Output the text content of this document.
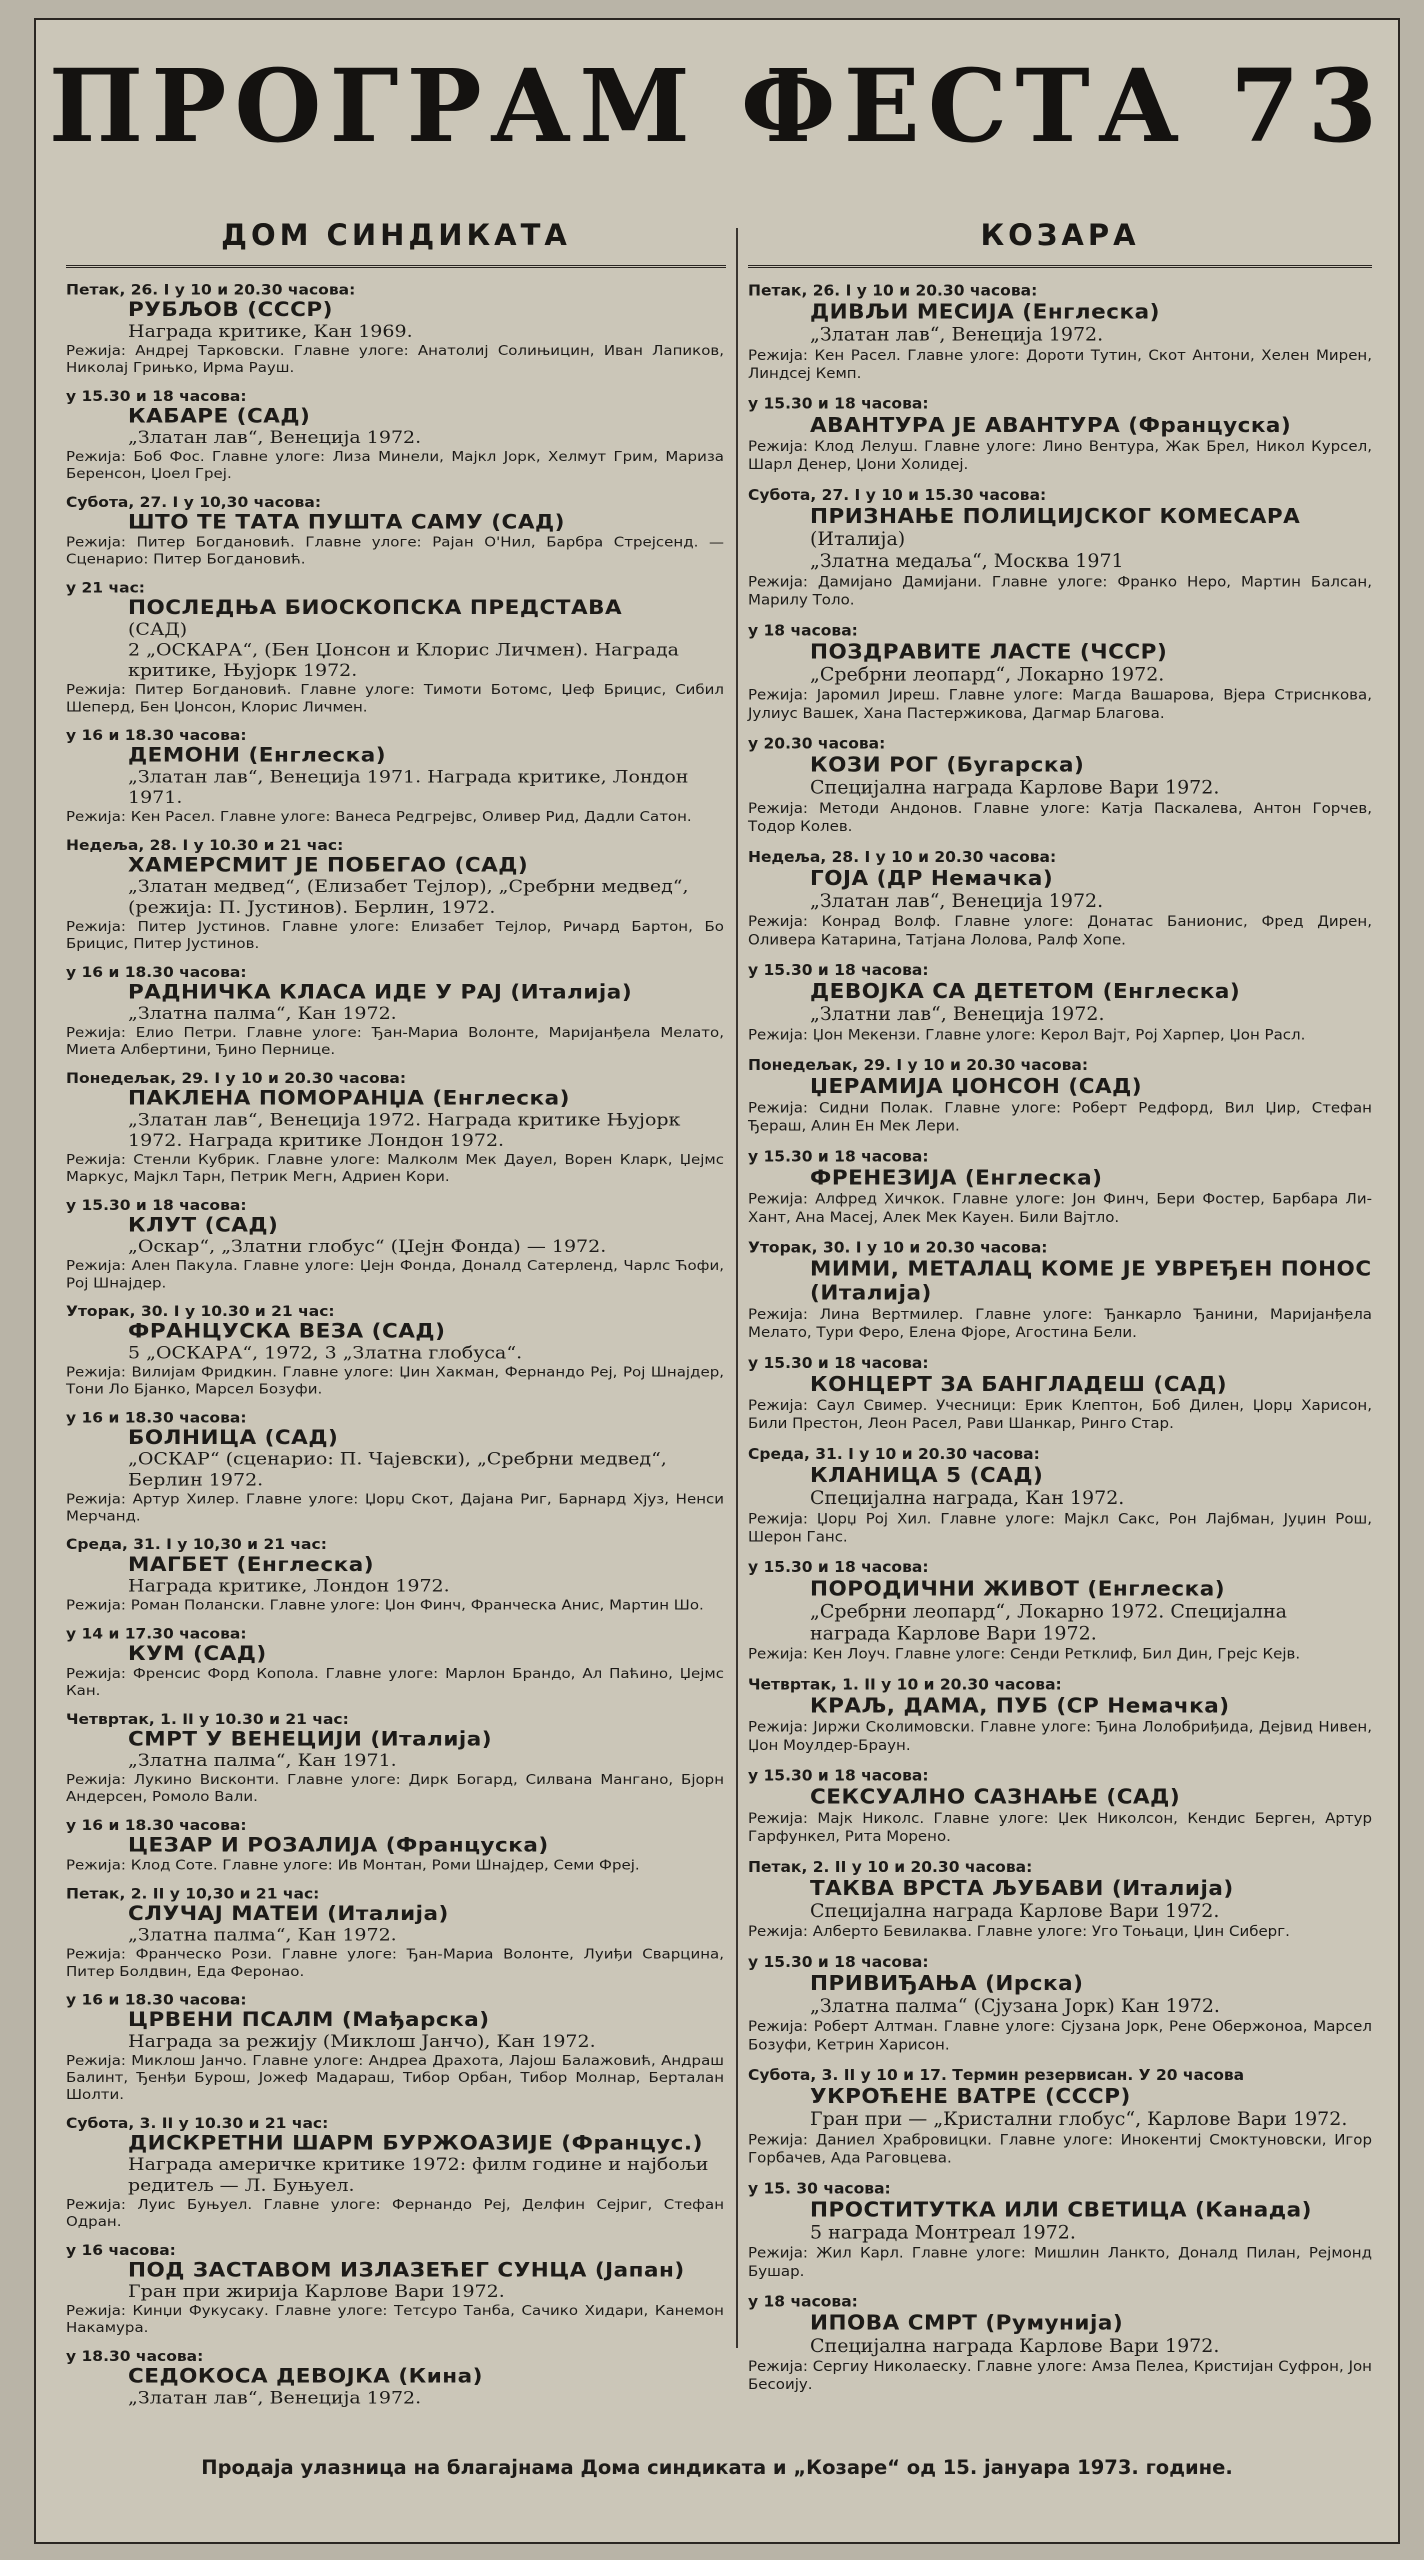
ПРОГРАМ ФЕСТА 73
ДОМ СИНДИКАТА	КОЗАРА
Петак, 26. I у 10 и 20.30 часова:
РУБЉОВ (СССР)
Награда критике, Кан 1969.
Режија: Андреј Тарковски. Главне улоге: Анатолиј Солињицин, Иван Лапиков, Николај Грињко, Ирма Рауш.
у 15.30 и 18 часова:
КАБАРЕ (САД)
„Златан лав“, Венеција 1972.
Режија: Боб Фос. Главне улоге: Лиза Минели, Мајкл Јорк, Хелмут Грим, Мариза Беренсон, Џоел Греј.
Субота, 27. I у 10,30 часова:
ШТО ТЕ ТАТА ПУШТА САМУ (САД)
Режија: Питер Богдановић. Главне улоге: Рајан О'Нил, Барбра Стрејсенд. — Сценарио: Питер Богдановић.
у 21 час:
ПОСЛЕДЊА БИОСКОПСКА ПРЕДСТАВА
(САД)
2 „ОСКАРА“, (Бен Џонсон и Клорис Личмен). Награда критике, Њујорк 1972.
Режија: Питер Богдановић. Главне улоге: Тимоти Ботомс, Џеф Брицис, Сибил Шеперд, Бен Џонсон, Клорис Личмен.
у 16 и 18.30 часова:
ДЕМОНИ (Енглеска)
„Златан лав“, Венеција 1971. Награда критике, Лондон 1971.
Режија: Кен Расел. Главне улоге: Ванеса Редгрејвс, Оливер Рид, Дадли Сатон.
Недеља, 28. I у 10.30 и 21 час:
ХАМЕРСМИТ ЈЕ ПОБЕГАО (САД)
„Златан медвед“, (Елизабет Тејлор), „Сребрни медвед“, (режија: П. Јустинов). Берлин, 1972.
Режија: Питер Јустинов. Главне улоге: Елизабет Тејлор, Ричард Бартон, Бо Брицис, Питер Јустинов.
у 16 и 18.30 часова:
РАДНИЧКА КЛАСА ИДЕ У РАЈ (Италија)
„Златна палма“, Кан 1972.
Режија: Елио Петри. Главне улоге: Ђан-Мариа Волонте, Маријанђела Мелато, Миета Албертини, Ђино Пернице.
Понедељак, 29. I у 10 и 20.30 часова:
ПАКЛЕНА ПОМОРАНЏА (Енглеска)
„Златан лав“, Венеција 1972. Награда критике Њујорк 1972. Награда критике Лондон 1972.
Режија: Стенли Кубрик. Главне улоге: Малколм Мек Дауел, Ворен Кларк, Џејмс Маркус, Мајкл Тарн, Петрик Мегн, Адриен Кори.
у 15.30 и 18 часова:
КЛУТ (САД)
„Оскар“, „Златни глобус“ (Џејн Фонда) — 1972.
Режија: Ален Пакула. Главне улоге: Џејн Фонда, Доналд Сатерленд, Чарлс Ћофи, Рој Шнајдер.
Уторак, 30. I у 10.30 и 21 час:
ФРАНЦУСКА ВЕЗА (САД)
5 „ОСКАРА“, 1972, 3 „Златна глобуса“.
Режија: Вилијам Фридкин. Главне улоге: Џин Хакман, Фернандо Реј, Рој Шнајдер, Тони Ло Бјанко, Марсел Бозуфи.
у 16 и 18.30 часова:
БОЛНИЦА (САД)
„ОСКАР“ (сценарио: П. Чајевски), „Сребрни медвед“, Берлин 1972.
Режија: Артур Хилер. Главне улоге: Џорџ Скот, Дајана Риг, Барнард Хјуз, Ненси Мерчанд.
Среда, 31. I у 10,30 и 21 час:
МАГБЕТ (Енглеска)
Награда критике, Лондон 1972.
Режија: Роман Полански. Главне улоге: Џон Финч, Франческа Анис, Мартин Шо.
у 14 и 17.30 часова:
КУМ (САД)
Режија: Френсис Форд Копола. Главне улоге: Марлон Брандо, Ал Паћино, Џејмс Кан.
Четвртак, 1. II у 10.30 и 21 час:
СМРТ У ВЕНЕЦИЈИ (Италија)
„Златна палма“, Кан 1971.
Режија: Лукино Висконти. Главне улоге: Дирк Богард, Силвана Мангано, Бјорн Андерсен, Ромоло Вали.
у 16 и 18.30 часова:
ЦЕЗАР И РОЗАЛИЈА (Француска)
Режија: Клод Соте. Главне улоге: Ив Монтан, Роми Шнајдер, Семи Фреј.
Петак, 2. II у 10,30 и 21 час:
СЛУЧАЈ МАТЕИ (Италија)
„Златна палма“, Кан 1972.
Режија: Франческо Рози. Главне улоге: Ђан-Мариа Волонте, Луиђи Сварцина, Питер Болдвин, Еда Феронао.
у 16 и 18.30 часова:
ЦРВЕНИ ПСАЛМ (Мађарска)
Награда за режију (Миклош Јанчо), Кан 1972.
Режија: Миклош Јанчо. Главне улоге: Андреа Драхота, Лајош Балажовић, Андраш Балинт, Ђенђи Бурош, Јожеф Мадараш, Тибор Орбан, Тибор Молнар, Берталан Шолти.
Субота, 3. II у 10.30 и 21 час:
ДИСКРЕТНИ ШАРМ БУРЖОАЗИЈЕ (Францус.)
Награда америчке критике 1972: филм године и најбољи редитељ — Л. Буњуел.
Режија: Луис Буњуел. Главне улоге: Фернандо Реј, Делфин Сејриг, Стефан Одран.
у 16 часова:
ПОД ЗАСТАВОМ ИЗЛАЗЕЋЕГ СУНЦА (Јапан)
Гран при жирија Карлове Вари 1972.
Режија: Кинџи Фукусаку. Главне улоге: Тетсуро Танба, Сачико Хидари, Канемон Накамура.
у 18.30 часова:
СЕДОКОСА ДЕВОЈКА (Кина)
„Златан лав“, Венеција 1972.
Петак, 26. I у 10 и 20.30 часова:
ДИВЉИ МЕСИЈА (Енглеска)
„Златан лав“, Венеција 1972.
Режија: Кен Расел. Главне улоге: Дороти Тутин, Скот Антони, Хелен Мирен, Линдсеј Кемп.
у 15.30 и 18 часова:
АВАНТУРА ЈЕ АВАНТУРА (Француска)
Режија: Клод Лелуш. Главне улоге: Лино Вентура, Жак Брел, Никол Курсел, Шарл Денер, Џони Холидеј.
Субота, 27. I у 10 и 15.30 часова:
ПРИЗНАЊЕ ПОЛИЦИЈСКОГ КОМЕСАРА
(Италија)
„Златна медаља“, Москва 1971
Режија: Дамијано Дамијани. Главне улоге: Франко Неро, Мартин Балсан, Марилу Толо.
у 18 часова:
ПОЗДРАВИТЕ ЛАСТЕ (ЧССР)
„Сребрни леопард“, Локарно 1972.
Режија: Јаромил Јиреш. Главне улоге: Магда Вашарова, Вјера Стриснкова, Јулиус Вашек, Хана Пастержикова, Дагмар Благова.
у 20.30 часова:
КОЗИ РОГ (Бугарска)
Специјална награда Карлове Вари 1972.
Режија: Методи Андонов. Главне улоге: Катја Паскалева, Антон Горчев, Тодор Колев.
Недеља, 28. I у 10 и 20.30 часова:
ГОЈА (ДР Немачка)
„Златан лав“, Венеција 1972.
Режија: Конрад Волф. Главне улоге: Донатас Банионис, Фред Дирен, Оливера Катарина, Татјана Лолова, Ралф Хопе.
у 15.30 и 18 часова:
ДЕВОЈКА СА ДЕТЕТОМ (Енглеска)
„Златни лав“, Венеција 1972.
Режија: Џон Мекензи. Главне улоге: Керол Вајт, Рој Харпер, Џон Расл.
Понедељак, 29. I у 10 и 20.30 часова:
ЏЕРАМИЈА ЏОНСОН (САД)
Режија: Сидни Полак. Главне улоге: Роберт Редфорд, Вил Џир, Стефан Ђераш, Алин Ен Мек Лери.
у 15.30 и 18 часова:
ФРЕНЕЗИЈА (Енглеска)
Режија: Алфред Хичкок. Главне улоге: Јон Финч, Бери Фостер, Барбара Ли-Хант, Ана Масеј, Алек Мек Кауен. Били Вајтло.
Уторак, 30. I у 10 и 20.30 часова:
МИМИ, МЕТАЛАЦ КОМЕ ЈЕ УВРЕЂЕН ПОНОС (Италија)
Режија: Лина Вертмилер. Главне улоге: Ђанкарло Ђанини, Маријанђела Мелато, Тури Феро, Елена Фјоре, Агостина Бели.
у 15.30 и 18 часова:
КОНЦЕРТ ЗА БАНГЛАДЕШ (САД)
Режија: Саул Свимер. Учесници: Ерик Клептон, Боб Дилен, Џорџ Харисон, Били Престон, Леон Расел, Рави Шанкар, Ринго Стар.
Среда, 31. I у 10 и 20.30 часова:
КЛАНИЦА 5 (САД)
Специјална награда, Кан 1972.
Режија: Џорџ Рој Хил. Главне улоге: Мајкл Сакс, Рон Лајбман, Јуџин Рош, Шерон Ганс.
у 15.30 и 18 часова:
ПОРОДИЧНИ ЖИВОТ (Енглеска)
„Сребрни леопард“, Локарно 1972. Специјална награда Карлове Вари 1972.
Режија: Кен Лоуч. Главне улоге: Сенди Ретклиф, Бил Дин, Грејс Кејв.
Четвртак, 1. II у 10 и 20.30 часова:
КРАЉ, ДАМА, ПУБ (СР Немачка)
Режија: Јиржи Сколимовски. Главне улоге: Ђина Лолобриђида, Дејвид Нивен, Џон Моулдер-Браун.
у 15.30 и 18 часова:
СЕКСУАЛНО САЗНАЊЕ (САД)
Режија: Мајк Николс. Главне улоге: Џек Николсон, Кендис Берген, Артур Гарфункел, Рита Морено.
Петак, 2. II у 10 и 20.30 часова:
ТАКВА ВРСТА ЉУБАВИ (Италија)
Специјална награда Карлове Вари 1972.
Режија: Алберто Бевилаква. Главне улоге: Уго Тоњаци, Џин Сиберг.
у 15.30 и 18 часова:
ПРИВИЂАЊА (Ирска)
„Златна палма“ (Сјузана Јорк) Кан 1972.
Режија: Роберт Алтман. Главне улоге: Сјузана Јорк, Рене Обержоноа, Марсел Бозуфи, Кетрин Харисон.
Субота, 3. II у 10 и 17. Термин резервисан. У 20 часова
УКРОЋЕНЕ ВАТРЕ (СССР)
Гран при — „Кристални глобус“, Карлове Вари 1972.
Режија: Даниел Храбровицки. Главне улоге: Инокентиј Смоктуновски, Игор Горбачев, Ада Раговцева.
у 15. 30 часова:
ПРОСТИТУТКА ИЛИ СВЕТИЦА (Канада)
5 награда Монтреал 1972.
Режија: Жил Карл. Главне улоге: Мишлин Ланкто, Доналд Пилан, Рејмонд Бушар.
у 18 часова:
ИПОВА СМРТ (Румунија)
Специјална награда Карлове Вари 1972.
Режија: Сергиу Николаеску. Главне улоге: Амза Пелеа, Кристијан Суфрон, Јон Бесоију.
Продаја улазница на благајнама Дома синдиката и „Козаре“ од 15. јануара 1973. године.
